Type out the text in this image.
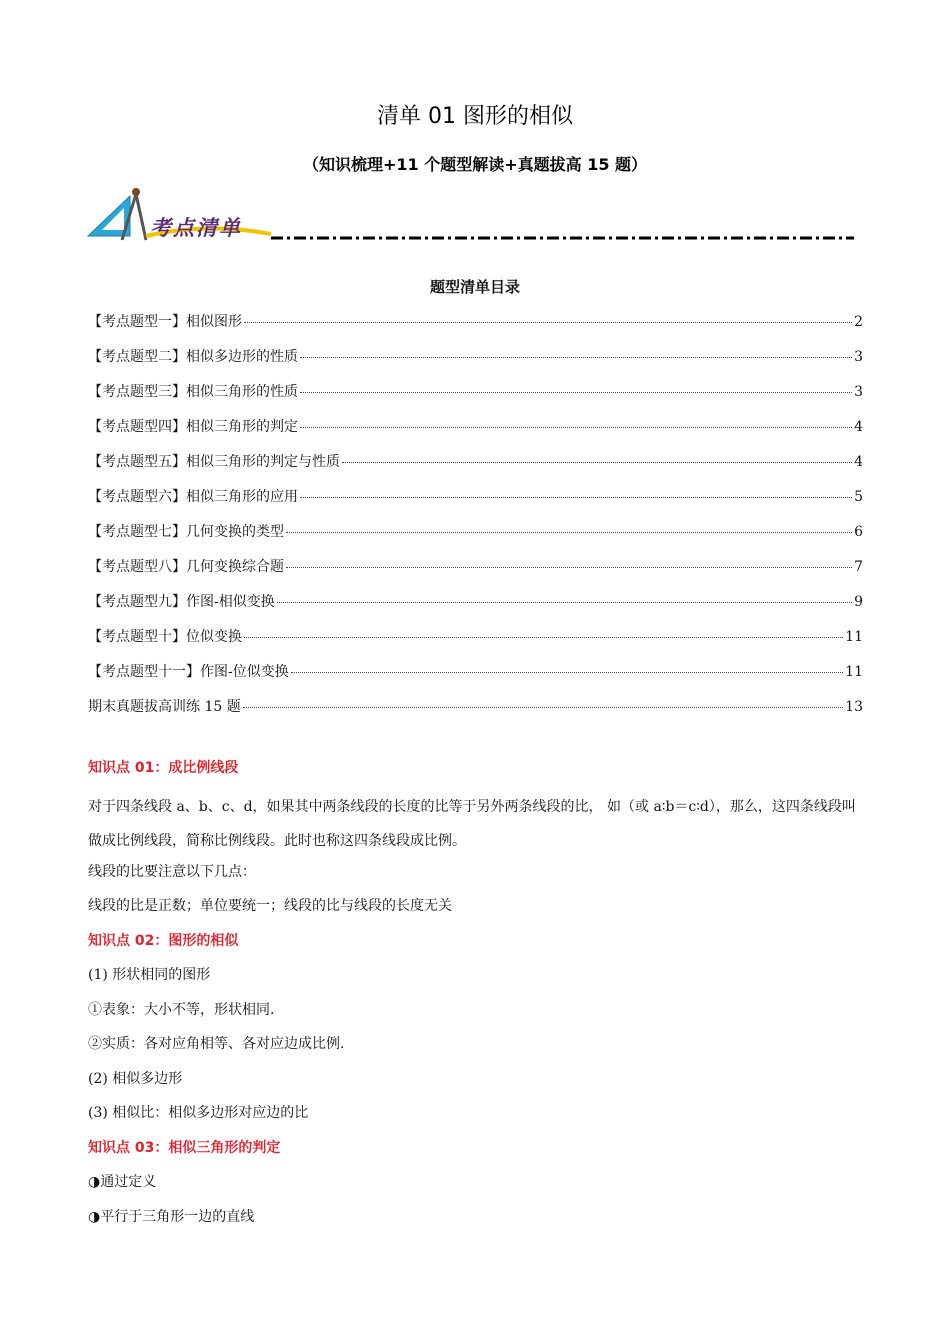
清单 01 图形的相似
（知识梳理+11 个题型解读+真题拔高 15 题）
考点清单
题型清单目录
【考点题型一】相似图形	2
【考点题型二】相似多边形的性质	3
【考点题型三】相似三角形的性质	3
【考点题型四】相似三角形的判定	4
【考点题型五】相似三角形的判定与性质	4
【考点题型六】相似三角形的应用	5
【考点题型七】几何变换的类型	6
【考点题型八】几何变换综合题	7
【考点题型九】作图-相似变换	9
【考点题型十】位似变换	11
【考点题型十一】作图-位似变换	11
期末真题拔高训练 15 题	13
知识点 01：成比例线段
对于四条线段 a、b、c、d，如果其中两条线段的长度的比等于另外两条线段的比， 如（或 a∶b＝c∶d），那么，这四条线段叫做成比例线段，简称比例线段。此时也称这四条线段成比例。
线段的比要注意以下几点：
线段的比是正数；单位要统一；线段的比与线段的长度无关
知识点 02：图形的相似
(1) 形状相同的图形
①表象：大小不等，形状相同.
②实质：各对应角相等、各对应边成比例.
(2) 相似多边形
(3) 相似比：相似多边形对应边的比
知识点 03：相似三角形的判定
◑通过定义
◑平行于三角形一边的直线
